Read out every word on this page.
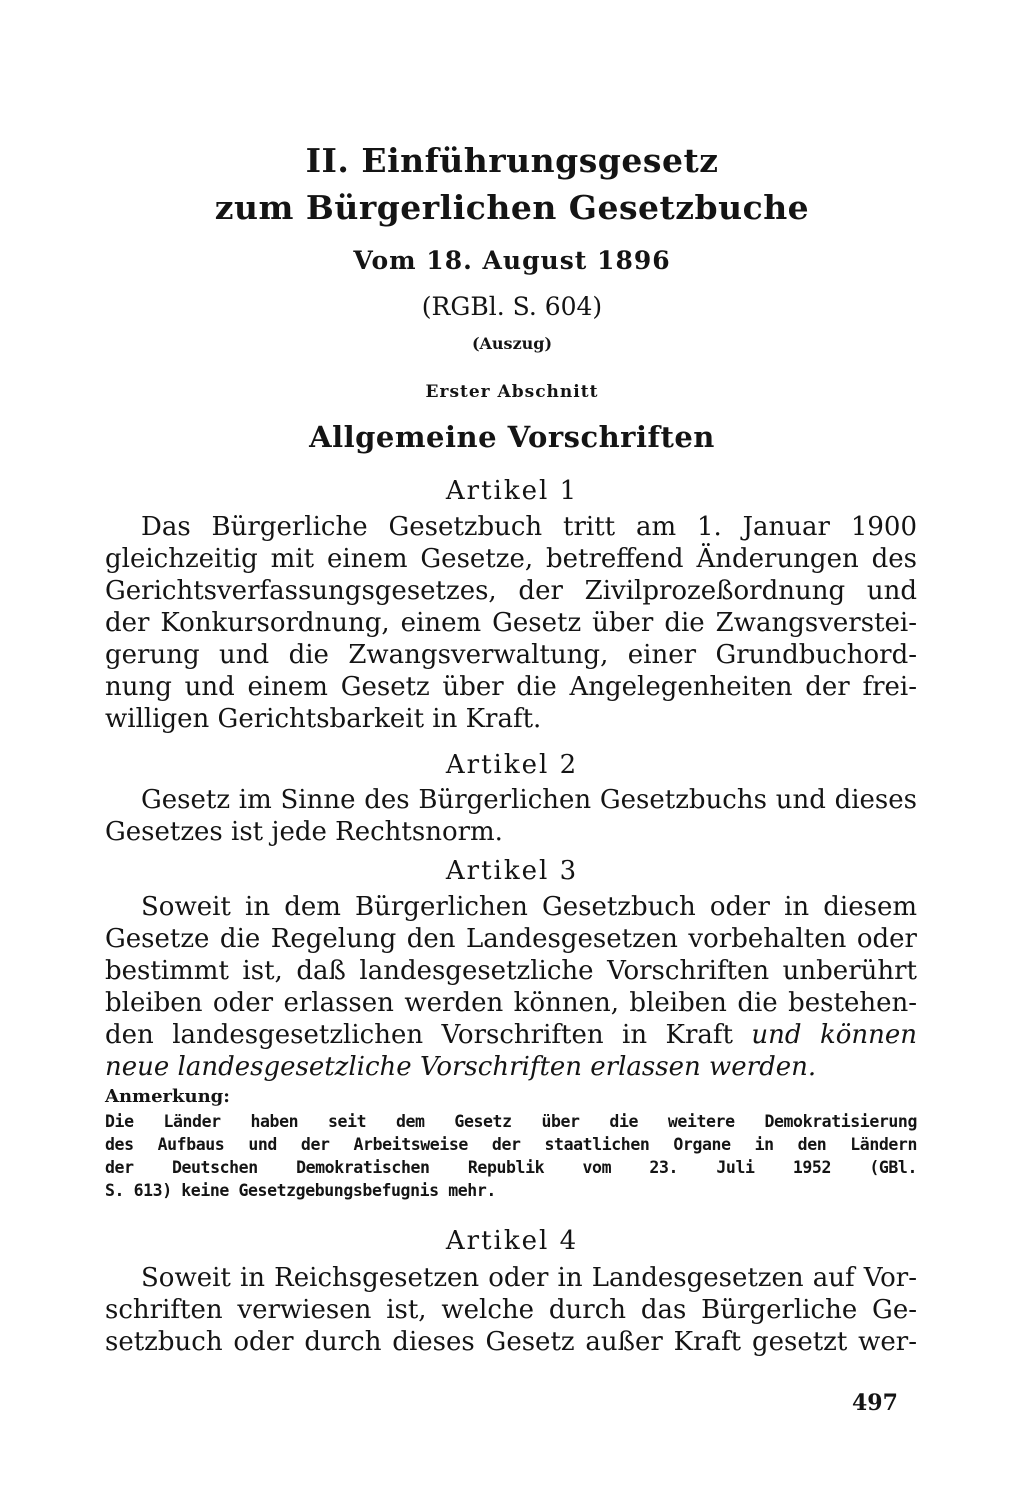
II. Einführungsgesetz
zum Bürgerlichen Gesetzbuche
Vom 18. August 1896
(RGBl. S. 604)
(Auszug)
Erster Abschnitt
Allgemeine Vorschriften
Artikel 1
Das Bürgerliche Gesetzbuch tritt am 1. Januar 1900
gleichzeitig mit einem Gesetze, betreffend Änderungen des
Gerichtsverfassungsgesetzes, der Zivilprozeßordnung und
der Konkursordnung, einem Gesetz über die Zwangsverstei-
gerung und die Zwangsverwaltung, einer Grundbuchord-
nung und einem Gesetz über die Angelegenheiten der frei-
willigen Gerichtsbarkeit in Kraft.
Artikel 2
Gesetz im Sinne des Bürgerlichen Gesetzbuchs und dieses
Gesetzes ist jede Rechtsnorm.
Artikel 3
Soweit in dem Bürgerlichen Gesetzbuch oder in diesem
Gesetze die Regelung den Landesgesetzen vorbehalten oder
bestimmt ist, daß landesgesetzliche Vorschriften unberührt
bleiben oder erlassen werden können, bleiben die bestehen-
den landesgesetzlichen Vorschriften in Kraft und können
neue landesgesetzliche Vorschriften erlassen werden.
Anmerkung:
Die Länder haben seit dem Gesetz über die weitere Demokratisierung
des Aufbaus und der Arbeitsweise der staatlichen Organe in den Ländern
der Deutschen Demokratischen Republik vom 23. Juli 1952 (GBl.
S. 613) keine Gesetzgebungsbefugnis mehr.
Artikel 4
Soweit in Reichsgesetzen oder in Landesgesetzen auf Vor-
schriften verwiesen ist, welche durch das Bürgerliche Ge-
setzbuch oder durch dieses Gesetz außer Kraft gesetzt wer-
497
